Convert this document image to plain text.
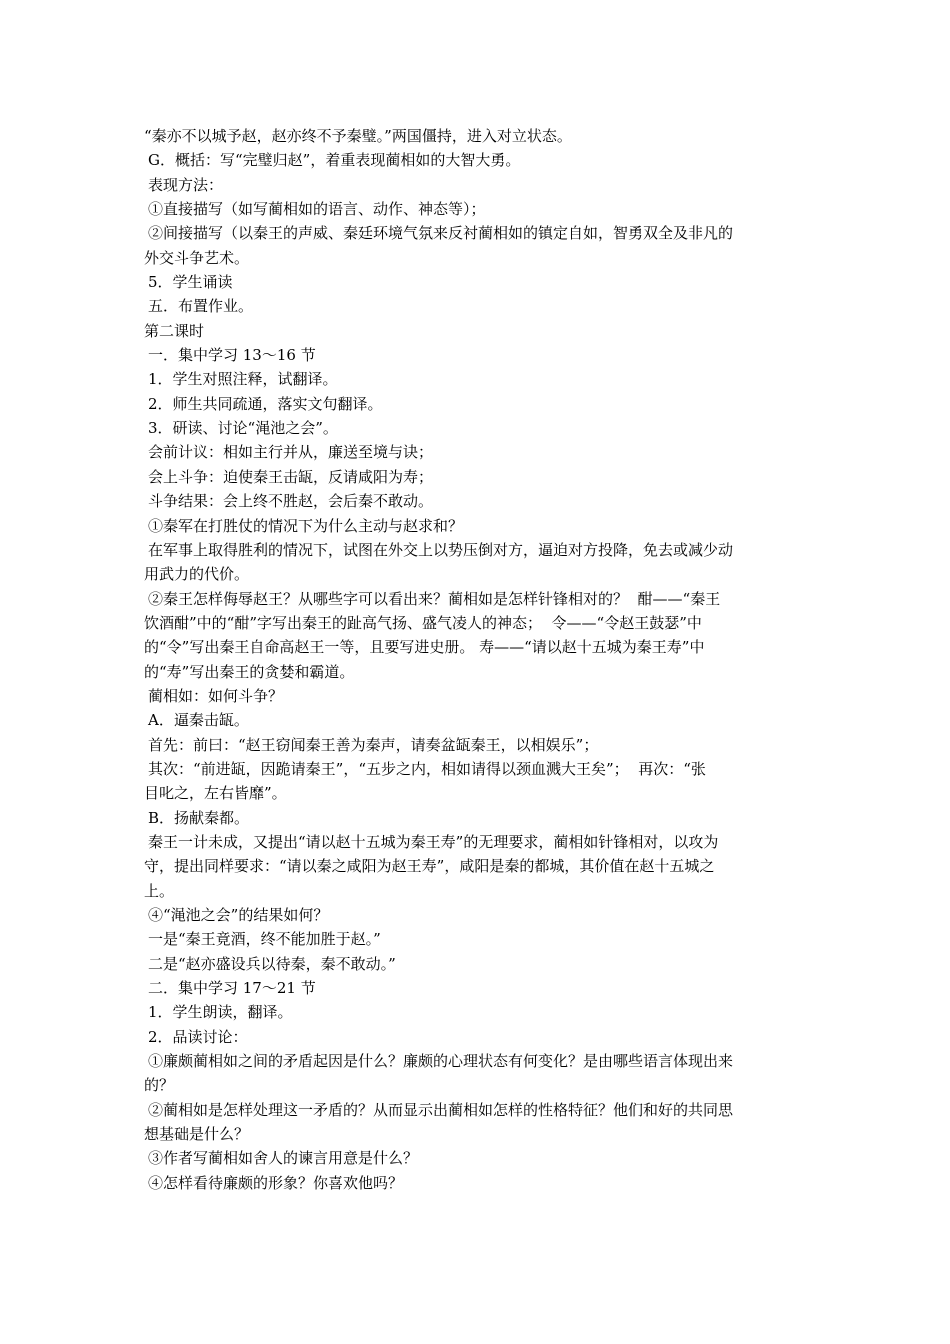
“秦亦不以城予赵，赵亦终不予秦璧。”两国僵持，进入对立状态。
G．概括：写“完璧归赵”，着重表现蔺相如的大智大勇。
表现方法：
①直接描写（如写蔺相如的语言、动作、神态等）；
②间接描写（以秦王的声威、秦廷环境气氛来反衬蔺相如的镇定自如，智勇双全及非凡的
外交斗争艺术。
5．学生诵读
五．布置作业。
第二课时
一．集中学习 13～16 节
1．学生对照注释，试翻译。
2．师生共同疏通，落实文句翻译。
3．研读、讨论“渑池之会”。
会前计议：相如主行并从，廉送至境与诀；
会上斗争：迫使秦王击缻，反请咸阳为寿；
斗争结果：会上终不胜赵，会后秦不敢动。
①秦军在打胜仗的情况下为什么主动与赵求和？
在军事上取得胜利的情况下，试图在外交上以势压倒对方，逼迫对方投降，免去或减少动
用武力的代价。
②秦王怎样侮辱赵王？从哪些字可以看出来？蔺相如是怎样针锋相对的？  酣——“秦王
饮酒酣”中的“酣”字写出秦王的趾高气扬、盛气凌人的神态；  令——“令赵王鼓瑟”中
的“令”写出秦王自命高赵王一等，且要写进史册。 寿——“请以赵十五城为秦王寿”中
的“寿”写出秦王的贪婪和霸道。
蔺相如：如何斗争？
A．逼秦击缻。
首先：前曰：“赵王窃闻秦王善为秦声，请奏盆缻秦王，以相娱乐”；
其次：“前进缻，因跪请秦王”，“五步之内，相如请得以颈血溅大王矣”；  再次：“张
目叱之，左右皆靡”。
B．扬献秦都。
秦王一计未成，又提出“请以赵十五城为秦王寿”的无理要求，蔺相如针锋相对，以攻为
守，提出同样要求：“请以秦之咸阳为赵王寿”，咸阳是秦的都城，其价值在赵十五城之
上。
④“渑池之会”的结果如何？
一是“秦王竟酒，终不能加胜于赵。”
二是“赵亦盛设兵以待秦，秦不敢动。”
二．集中学习 17～21 节
1．学生朗读，翻译。
2．品读讨论：
①廉颇蔺相如之间的矛盾起因是什么？廉颇的心理状态有何变化？是由哪些语言体现出来
的？
②蔺相如是怎样处理这一矛盾的？从而显示出蔺相如怎样的性格特征？他们和好的共同思
想基础是什么？
③作者写蔺相如舍人的谏言用意是什么？
④怎样看待廉颇的形象？你喜欢他吗？
